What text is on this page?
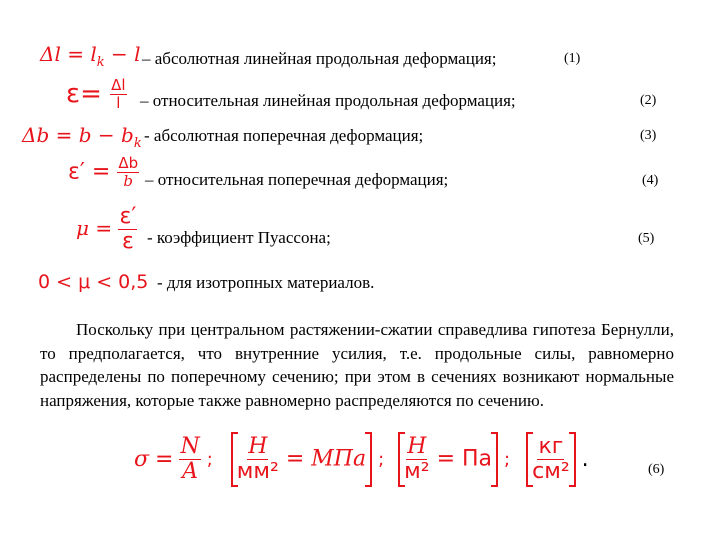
$\Delta l = l_k - l$ – абсолютная линейная продольная деформация;	(1)
$\varepsilon= \frac{\Delta l}{l}$ – относительная линейная продольная деформация;	(2)
$\Delta b = b - b_k$ - абсолютная поперечная деформация;	(3)
$\varepsilon' = \frac{\Delta b}{b}$ – относительная поперечная деформация;	(4)
$\mu = \frac{\varepsilon'}{\varepsilon}$ - коэффициент Пуассона;	(5)
0 < μ < 0,5 - для изотропных материалов.
Поскольку при центральном растяжении-сжатии справедлива гипотеза Бернулли, то предполагается, что внутренние усилия, т.е. продольные силы, равномерно распределены по поперечному сечению; при этом в сечениях возникают нормальные напряжения, которые также равномерно распределяются по сечению.
$\sigma = \frac{N}{A}$ ; $\frac{Н}{\text{мм²}}$ = МПа ; $\frac{Н}{\text{м²}}$ = Па ; $\frac{кг}{\text{см²}}$ .	(6)
